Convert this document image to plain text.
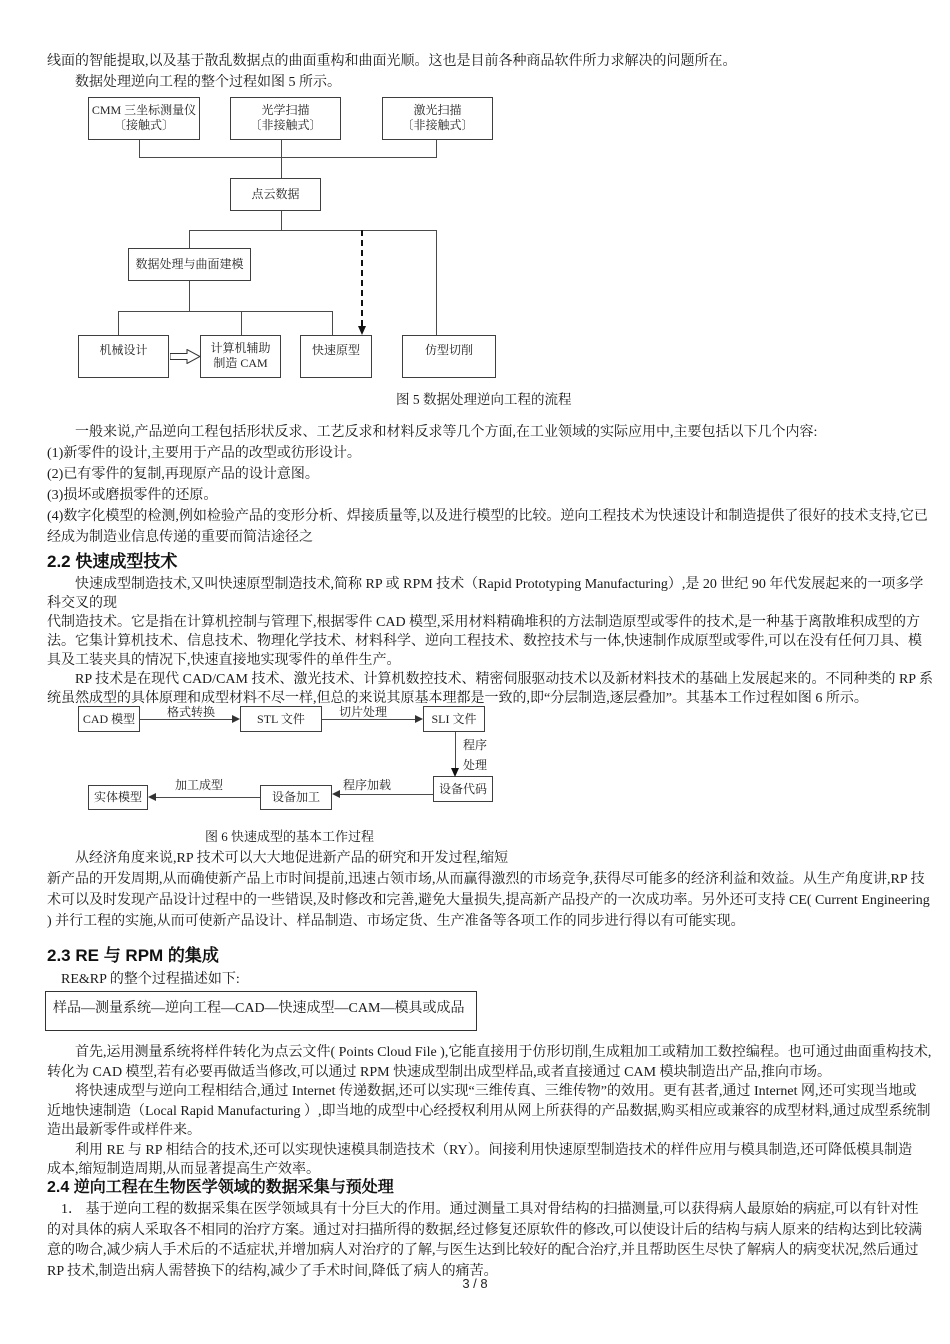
线面的智能提取,以及基于散乱数据点的曲面重构和曲面光顺。这也是目前各种商品软件所力求解决的问题所在。
　　数据处理逆向工程的整个过程如图 5 所示。
CMM 三坐标测量仪
〔接触式〕
光学扫描
〔非接触式〕
激光扫描
〔非接触式〕
点云数据
数据处理与曲面建模
机械设计	计算机辅助
制造 CAM
快速原型	仿型切削
图 5 数据处理逆向工程的流程
　　一般来说,产品逆向工程包括形状反求、工艺反求和材料反求等几个方面,在工业领域的实际应用中,主要包括以下几个内容:
(1)新零件的设计,主要用于产品的改型或彷形设计。
(2)已有零件的复制,再现原产品的设计意图。
(3)损坏或磨损零件的还原。
(4)数字化模型的检测,例如检验产品的变形分析、焊接质量等,以及进行模型的比较。逆向工程技术为快速设计和制造提供了很好的技术支持,它已
经成为制造业信息传递的重要而简洁途径之
2.2 快速成型技术
　　快速成型制造技术,又叫快速原型制造技术,简称 RP 或 RPM 技术（Rapid Prototyping Manufacturing）,是 20 世纪 90 年代发展起来的一项多学
科交叉的现
代制造技术。它是指在计算机控制与管理下,根据零件 CAD 模型,采用材料精确堆积的方法制造原型或零件的技术,是一种基于离散堆积成型的方
法。它集计算机技术、信息技术、物理化学技术、材料科学、逆向工程技术、数控技术与一体,快速制作成原型或零件,可以在没有任何刀具、模
具及工装夹具的情况下,快速直接地实现零件的单件生产。
　　RP 技术是在现代 CAD/CAM 技术、激光技术、计算机数控技术、精密伺服驱动技术以及新材料技术的基础上发展起来的。不同种类的 RP 系
统虽然成型的具体原理和成型材料不尽一样,但总的来说其原基本理都是一致的,即“分层制造,逐层叠加”。其基本工作过程如图 6 所示。
CAD 模型	STL 文件	SLI 文件
设备代码
设备加工
实体模型
格式转换	切片处理
程序
处理
程序加载
加工成型
图 6 快速成型的基本工作过程
　　从经济角度来说,RP 技术可以大大地促进新产品的研究和开发过程,缩短
新产品的开发周期,从而确使新产品上市时间提前,迅速占领市场,从而赢得激烈的市场竞争,获得尽可能多的经济利益和效益。从生产角度讲,RP 技
术可以及时发现产品设计过程中的一些错误,及时修改和完善,避免大量损失,提高新产品投产的一次成功率。另外还可支持 CE( Current Engineering
) 并行工程的实施,从而可使新产品设计、样品制造、市场定货、生产准备等各项工作的同步进行得以有可能实现。
2.3 RE 与 RPM 的集成
　RE&RP 的整个过程描述如下:
样品—测量系统—逆向工程—CAD—快速成型—CAM—模具或成品
　　首先,运用测量系统将样件转化为点云文件( Points Cloud File ),它能直接用于仿形切削,生成粗加工或精加工数控编程。也可通过曲面重构技术,
转化为 CAD 模型,若有必要再做适当修改,可以通过 RPM 快速成型制出成型样品,或者直接通过 CAM 模块制造出产品,推向市场。
　　将快速成型与逆向工程相结合,通过 Internet 传递数据,还可以实现“三维传真、三维传物”的效用。更有甚者,通过 Internet 网,还可实现当地或
近地快速制造（Local Rapid Manufacturing ）,即当地的成型中心经授权利用从网上所获得的产品数据,购买相应或兼容的成型材料,通过成型系统制
造出最新零件或样件来。
　　利用 RE 与 RP 相结合的技术,还可以实现快速模具制造技术（RY）。间接利用快速原型制造技术的样件应用与模具制造,还可降低模具制造
成本,缩短制造周期,从而显著提高生产效率。
2.4 逆向工程在生物医学领域的数据采集与预处理
　1． 基于逆向工程的数据采集在医学领域具有十分巨大的作用。通过测量工具对骨结构的扫描测量,可以获得病人最原始的病症,可以有针对性
的对具体的病人采取各不相同的治疗方案。通过对扫描所得的数据,经过修复还原软件的修改,可以使设计后的结构与病人原来的结构达到比较满
意的吻合,减少病人手术后的不适症状,并增加病人对治疗的了解,与医生达到比较好的配合治疗,并且帮助医生尽快了解病人的病变状况,然后通过
RP 技术,制造出病人需替换下的结构,减少了手术时间,降低了病人的痛苦。
3 / 8
